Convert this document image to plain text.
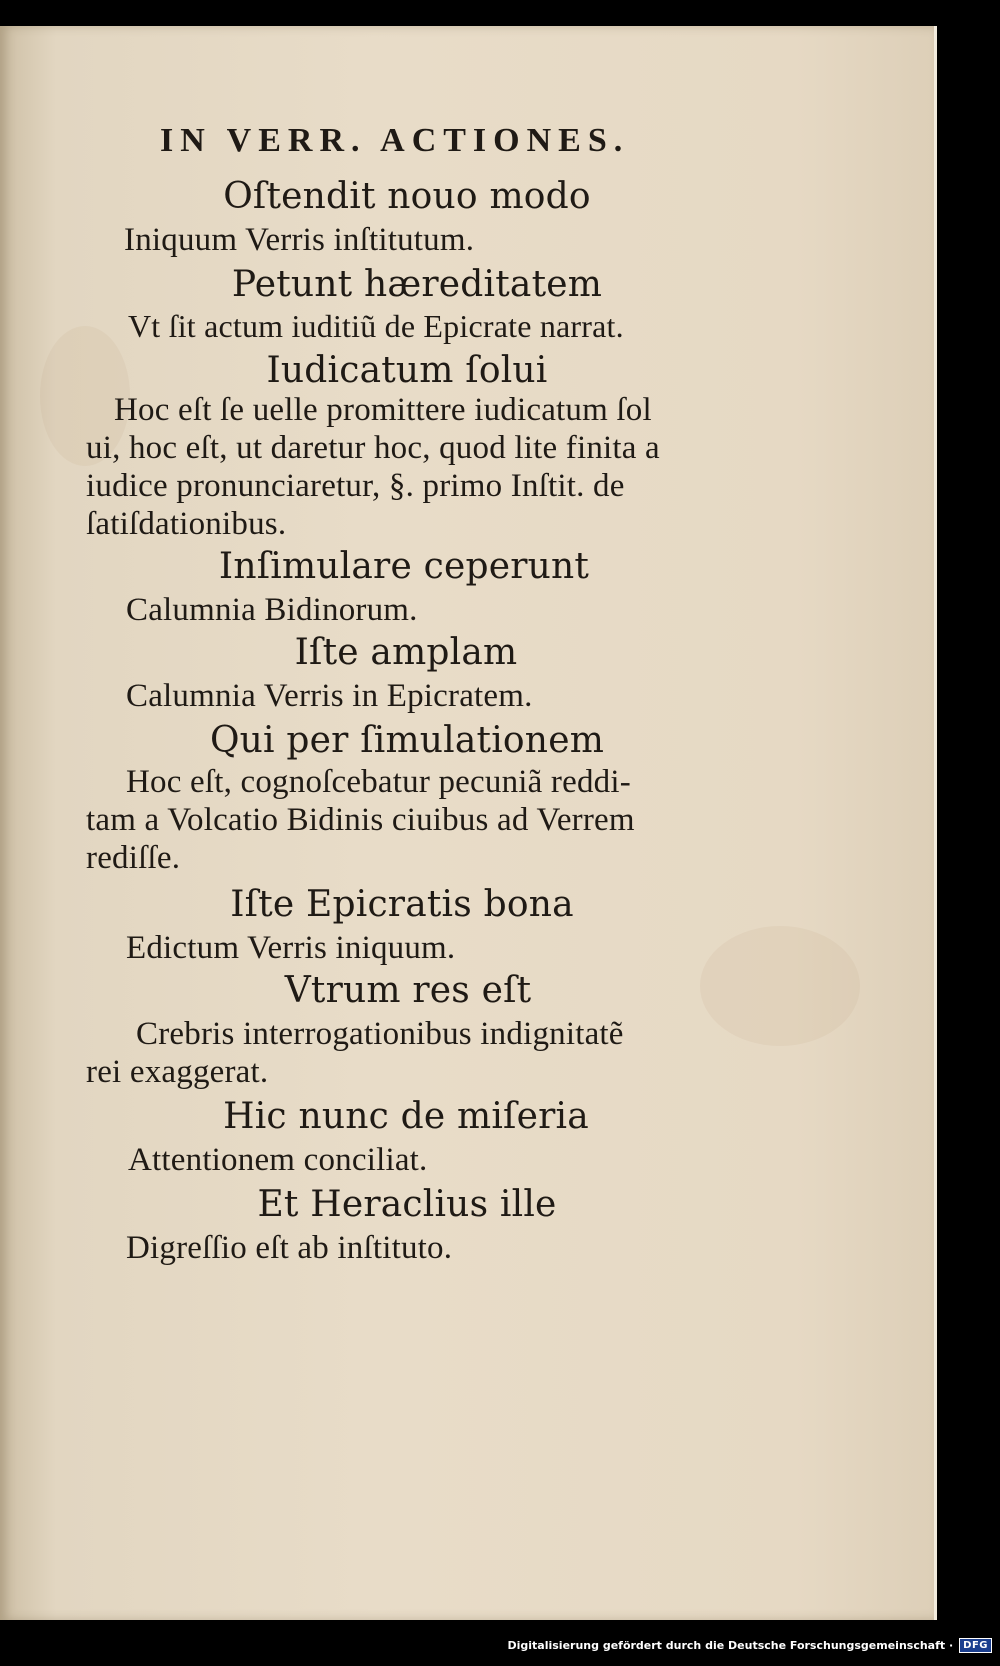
IN VERR. ACTIONES.
Oſtendit nouo modo
Iniquum Verris inſtitutum.
Petunt hæreditatem
Vt ſit actum iuditiũ de Epicrate narrat.
Iudicatum ſolui
Hoc eſt ſe uelle promittere iudicatum ſol
ui, hoc eſt, ut daretur hoc, quod lite finita a
iudice pronunciaretur, §. primo Inſtit. de
ſatiſdationibus.
Inſimulare ceperunt
Calumnia Bidinorum.
Iſte amplam
Calumnia Verris in Epicratem.
Qui per ſimulationem
Hoc eſt, cognoſcebatur pecuniã reddi-
tam a Volcatio Bidinis ciuibus ad Verrem
rediſſe.
Iſte Epicratis bona
Edictum Verris iniquum.
Vtrum res eſt
Crebris interrogationibus indignitatẽ
rei exaggerat.
Hic nunc de miſeria
Attentionem conciliat.
Et Heraclius ille
Digreſſio eſt ab inſtituto.
Digitalisierung gefördert durch die Deutsche Forschungsgemeinschaft ·	DFG
